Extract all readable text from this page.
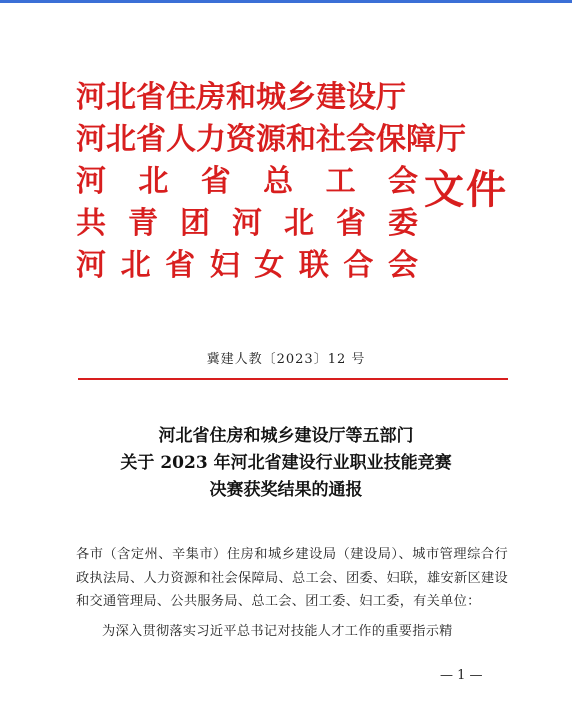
河北省住房和城乡建设厅
河北省人力资源和社会保障厅
河 北 省 总 工 会
共 青 团 河 北 省 委
河 北 省 妇 女 联 合 会
文件
冀建人教〔2023〕12 号
河北省住房和城乡建设厅等五部门
关于 2023 年河北省建设行业职业技能竞赛
决赛获奖结果的通报
各市（含定州、辛集市）住房和城乡建设局（建设局）、城市管理综合行政执法局、人力资源和社会保障局、总工会、团委、妇联，雄安新区建设和交通管理局、公共服务局、总工会、团工委、妇工委，有关单位：
为深入贯彻落实习近平总书记对技能人才工作的重要指示精
— 1 —
